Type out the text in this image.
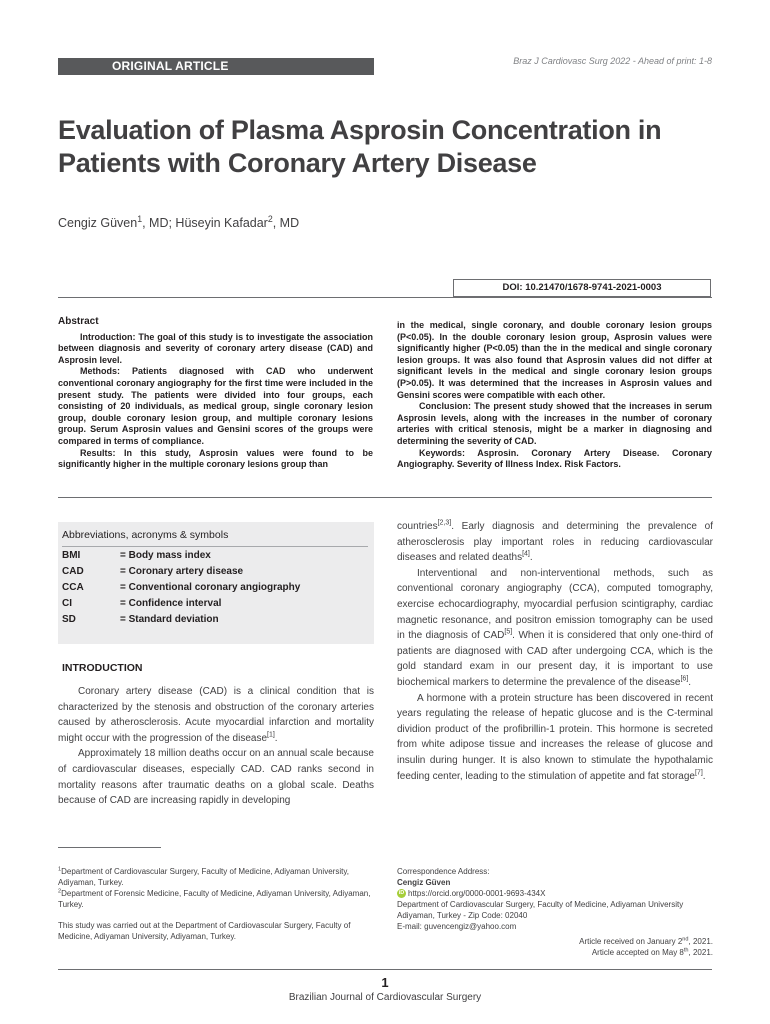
ORIGINAL ARTICLE	Braz J Cardiovasc Surg 2022 - Ahead of print: 1-8
Evaluation of Plasma Asprosin Concentration in
Patients with Coronary Artery Disease
Cengiz Güven$^1$, MD; Hüseyin Kafadar$^2$, MD
DOI: 10.21470/1678-9741-2021-0003

Abstract

Introduction: The goal of this study is to investigate the association between diagnosis and severity of coronary artery disease (CAD) and Asprosin level.

Methods: Patients diagnosed with CAD who underwent conventional coronary angiography for the first time were included in the present study. The patients were divided into four groups, each consisting of 20 individuals, as medical group, single coronary lesion group, double coronary lesion group, and multiple coronary lesions group. Serum Asprosin values and Gensini scores of the groups were compared in terms of compliance.

Results: In this study, Asprosin values were found to be significantly higher in the multiple coronary lesions group than

in the medical, single coronary, and double coronary lesion groups (P<0.05). In the double coronary lesion group, Asprosin values were significantly higher (P<0.05) than the in the medical and single coronary lesion groups. It was also found that Asprosin values did not differ at significant levels in the medical and single coronary lesion groups (P>0.05). It was determined that the increases in Asprosin values and Gensini scores were compatible with each other.

Conclusion: The present study showed that the increases in serum Asprosin levels, along with the increases in the number of coronary arteries with critical stenosis, might be a marker in diagnosing and determining the severity of CAD.

Keywords: Asprosin. Coronary Artery Disease. Coronary Angiography. Severity of Illness Index. Risk Factors.

Abbreviations, acronyms & symbols
BMI	= Body mass index
CAD	= Coronary artery disease
CCA	= Conventional coronary angiography
CI	= Confidence interval
SD	= Standard deviation
INTRODUCTION

Coronary artery disease (CAD) is a clinical condition that is characterized by the stenosis and obstruction of the coronary arteries caused by atherosclerosis. Acute myocardial infarction and mortality might occur with the progression of the disease[1].

Approximately 18 million deaths occur on an annual scale because of cardiovascular diseases, especially CAD. CAD ranks second in mortality reasons after traumatic deaths on a global scale. Deaths because of CAD are increasing rapidly in developing

countries[2,3]. Early diagnosis and determining the prevalence of atherosclerosis play important roles in reducing cardiovascular diseases and related deaths[4].

Interventional and non-interventional methods, such as conventional coronary angiography (CCA), computed tomography, exercise echocardiography, myocardial perfusion scintigraphy, cardiac magnetic resonance, and positron emission tomography can be used in the diagnosis of CAD[5]. When it is considered that only one-third of patients are diagnosed with CAD after undergoing CCA, which is the gold standard exam in our present day, it is important to use biochemical markers to determine the prevalence of the disease[6].

A hormone with a protein structure has been discovered in recent years regulating the release of hepatic glucose and is the C-terminal dividion product of the profibrillin-1 protein. This hormone is secreted from white adipose tissue and increases the release of glucose and insulin during hunger. It is also known to stimulate the hypothalamic feeding center, leading to the stimulation of appetite and fat storage[7].

$^1$Department of Cardiovascular Surgery, Faculty of Medicine, Adiyaman University, Adiyaman, Turkey.
$^2$Department of Forensic Medicine, Faculty of Medicine, Adiyaman University, Adiyaman, Turkey.
This study was carried out at the Department of Cardiovascular Surgery, Faculty of Medicine, Adiyaman University, Adiyaman, Turkey.
Correspondence Address:
Cengiz Güven
iD https://orcid.org/0000-0001-9693-434X
Department of Cardiovascular Surgery, Faculty of Medicine, Adiyaman University
Adiyaman, Turkey - Zip Code: 02040
E-mail: guvencengiz@yahoo.com
Article received on January 2nd, 2021.
Article accepted on May 8th, 2021.
1
Brazilian Journal of Cardiovascular Surgery
